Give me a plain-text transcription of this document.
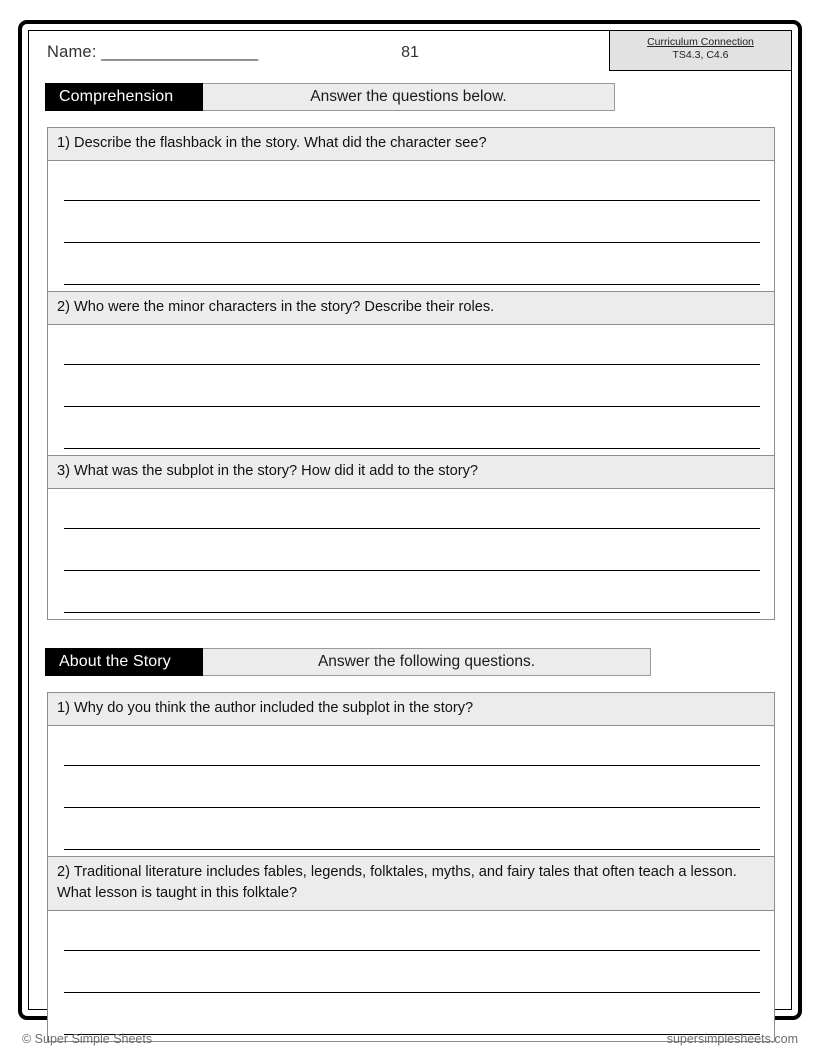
Name: __________________	81
Curriculum Connection
TS4.3, C4.6
Comprehension	Answer the questions below.
1) Describe the flashback in the story. What did the character see?
2) Who were the minor characters in the story? Describe their roles.
3) What was the subplot in the story? How did it add to the story?
About the Story	Answer the following questions.
1) Why do you think the author included the subplot in the story?
2) Traditional literature includes fables, legends, folktales, myths, and fairy tales that often teach a lesson. What lesson is taught in this folktale?
© Super Simple Sheets	supersimplesheets.com
